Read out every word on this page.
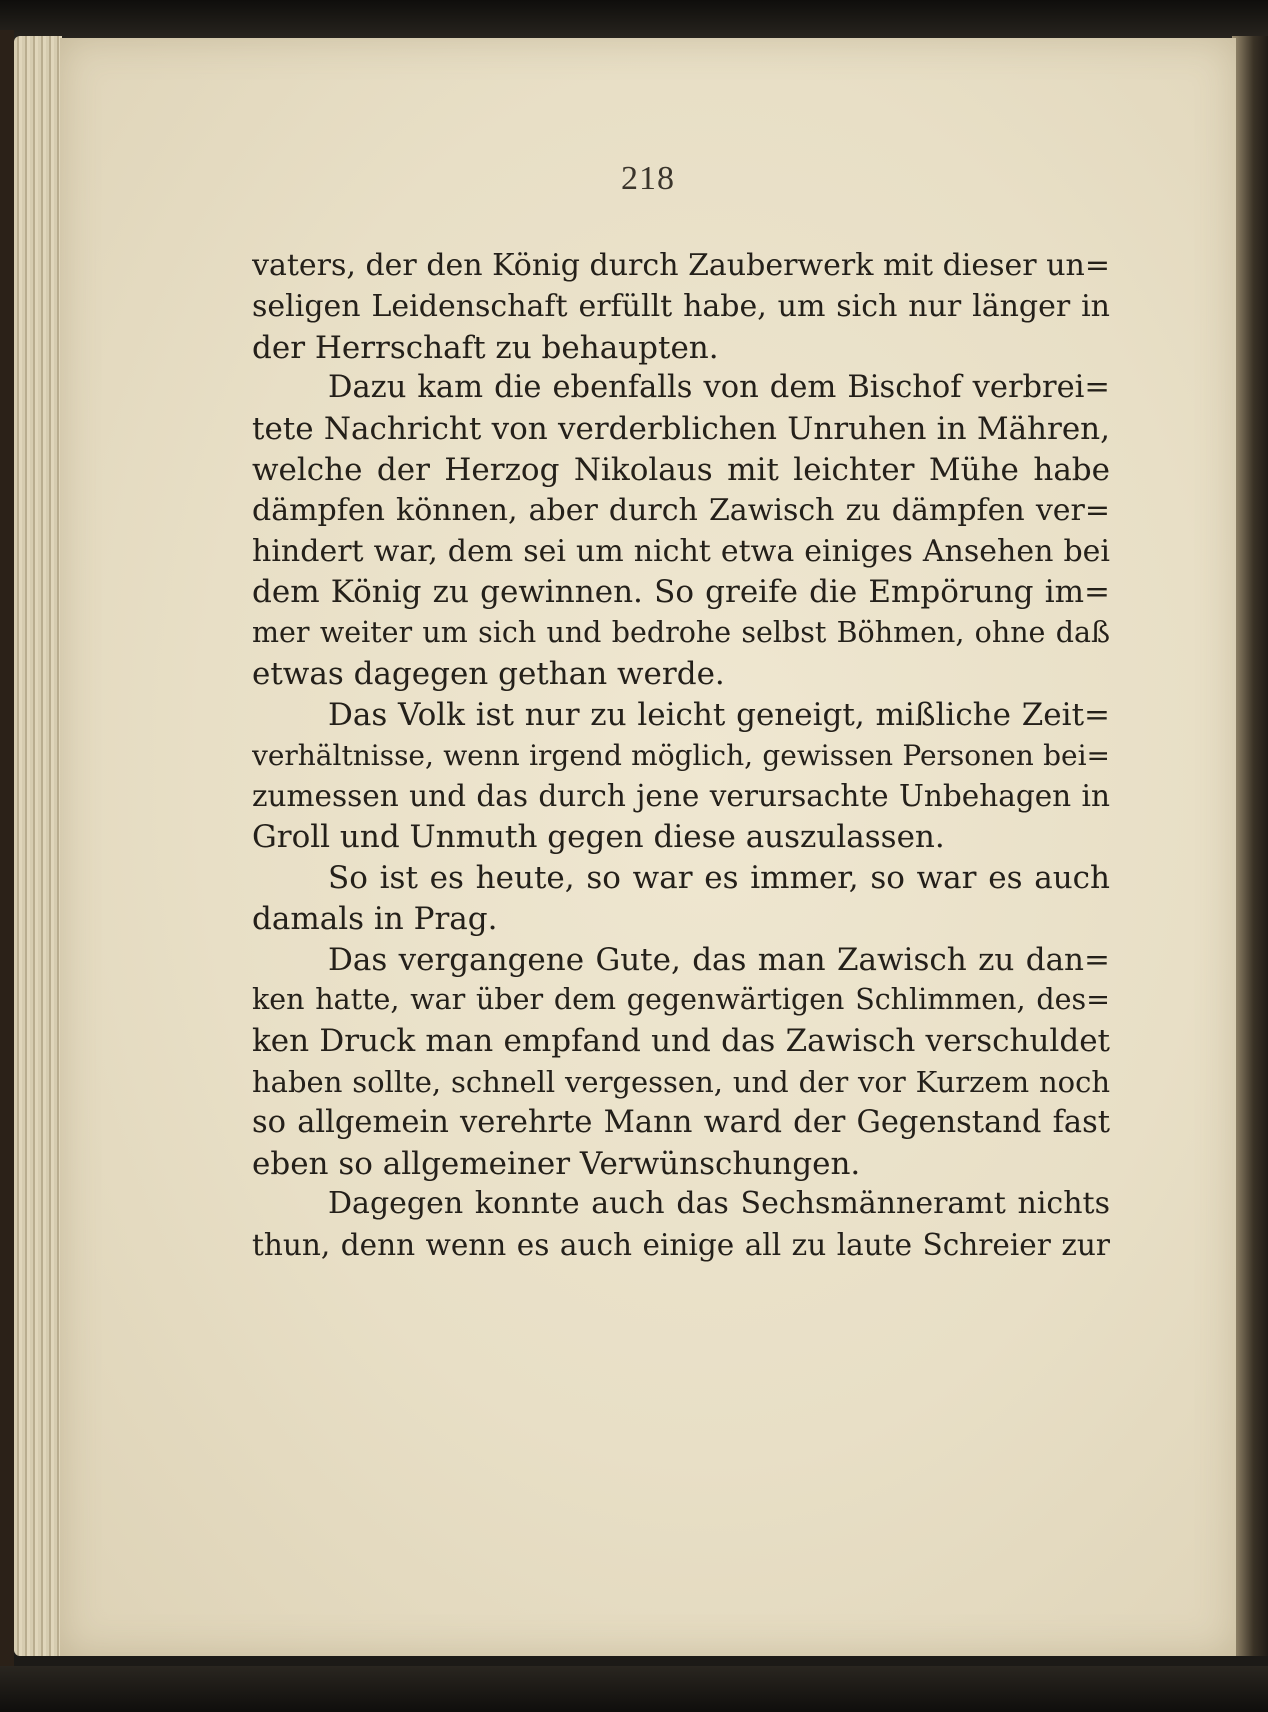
218
vaters, der den König durch Zauberwerk mit dieser un=
seligen Leidenschaft erfüllt habe, um sich nur länger in
der Herrschaft zu behaupten.
Dazu kam die ebenfalls von dem Bischof verbrei=
tete Nachricht von verderblichen Unruhen in Mähren,
welche der Herzog Nikolaus mit leichter Mühe habe
dämpfen können, aber durch Zawisch zu dämpfen ver=
hindert war, dem sei um nicht etwa einiges Ansehen bei
dem König zu gewinnen. So greife die Empörung im=
mer weiter um sich und bedrohe selbst Böhmen, ohne daß
etwas dagegen gethan werde.
Das Volk ist nur zu leicht geneigt, mißliche Zeit=
verhältnisse, wenn irgend möglich, gewissen Personen bei=
zumessen und das durch jene verursachte Unbehagen in
Groll und Unmuth gegen diese auszulassen.
So ist es heute, so war es immer, so war es auch
damals in Prag.
Das vergangene Gute, das man Zawisch zu dan=
ken hatte, war über dem gegenwärtigen Schlimmen, des=
ken Druck man empfand und das Zawisch verschuldet
haben sollte, schnell vergessen, und der vor Kurzem noch
so allgemein verehrte Mann ward der Gegenstand fast
eben so allgemeiner Verwünschungen.
Dagegen konnte auch das Sechsmänneramt nichts
thun, denn wenn es auch einige all zu laute Schreier zur
